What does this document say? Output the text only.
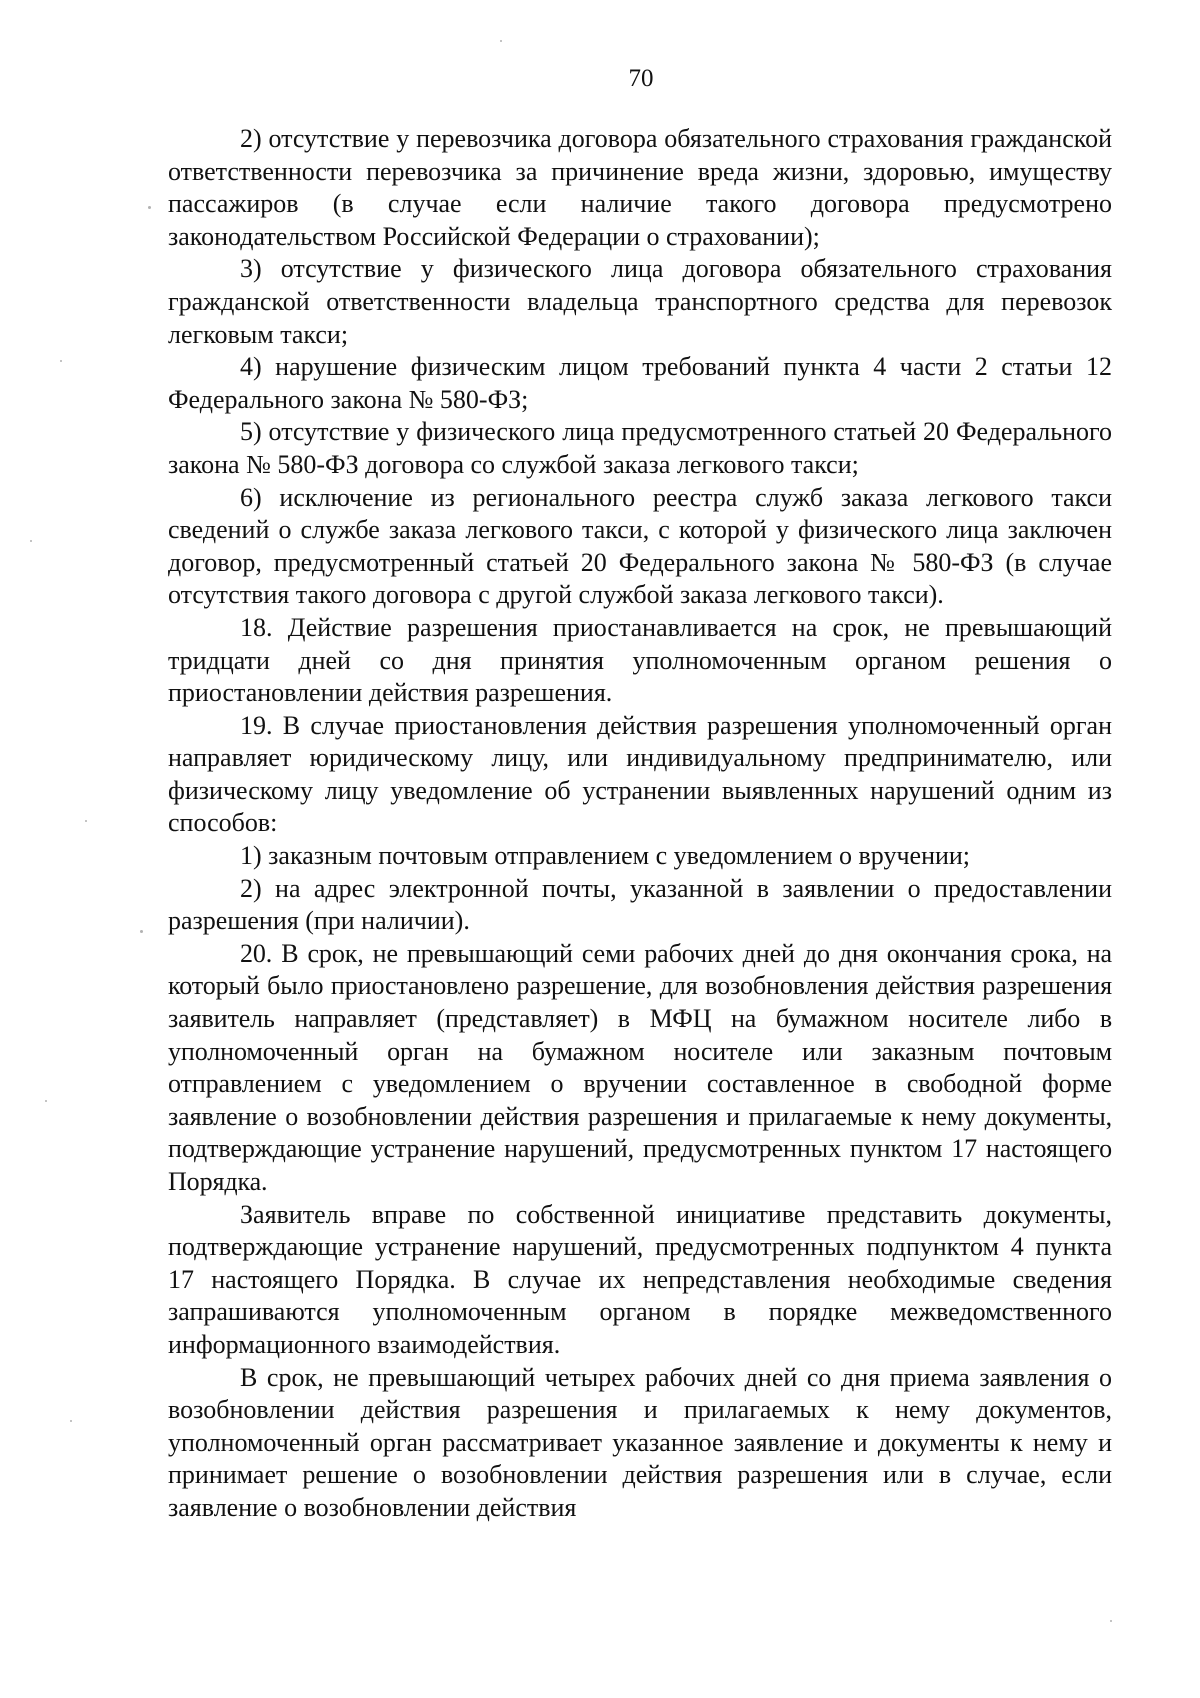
70

2) отсутствие у перевозчика договора обязательного страхования гражданской ответственности перевозчика за причинение вреда жизни, здоровью, имуществу пассажиров (в случае если наличие такого договора предусмотрено законодательством Российской Федерации о страховании);

3) отсутствие у физического лица договора обязательного страхования гражданской ответственности владельца транспортного средства для перевозок легковым такси;

4) нарушение физическим лицом требований пункта 4 части 2 статьи 12 Федерального закона № 580-ФЗ;

5) отсутствие у физического лица предусмотренного статьей 20 Федерального закона № 580-ФЗ договора со службой заказа легкового такси;

6) исключение из регионального реестра служб заказа легкового такси сведений о службе заказа легкового такси, с которой у физического лица заключен договор, предусмотренный статьей 20 Федерального закона № 580-ФЗ (в случае отсутствия такого договора с другой службой заказа легкового такси).

18. Действие разрешения приостанавливается на срок, не превышающий тридцати дней со дня принятия уполномоченным органом решения о приостановлении действия разрешения.

19. В случае приостановления действия разрешения уполномоченный орган направляет юридическому лицу, или индивидуальному предпринимателю, или физическому лицу уведомление об устранении выявленных нарушений одним из способов:

1) заказным почтовым отправлением с уведомлением о вручении;

2) на адрес электронной почты, указанной в заявлении о предоставлении разрешения (при наличии).

20. В срок, не превышающий семи рабочих дней до дня окончания срока, на который было приостановлено разрешение, для возобновления действия разрешения заявитель направляет (представляет) в МФЦ на бумажном носителе либо в уполномоченный орган на бумажном носителе или заказным почтовым отправлением с уведомлением о вручении составленное в свободной форме заявление о возобновлении действия разрешения и прилагаемые к нему документы, подтверждающие устранение нарушений, предусмотренных пунктом 17 настоящего Порядка.

Заявитель вправе по собственной инициативе представить документы, подтверждающие устранение нарушений, предусмотренных подпунктом 4 пункта 17 настоящего Порядка. В случае их непредставления необходимые сведения запрашиваются уполномоченным органом в порядке межведомственного информационного взаимодействия.

В срок, не превышающий четырех рабочих дней со дня приема заявления о возобновлении действия разрешения и прилагаемых к нему документов, уполномоченный орган рассматривает указанное заявление и документы к нему и принимает решение о возобновлении действия разрешения или в случае, если заявление о возобновлении действия
